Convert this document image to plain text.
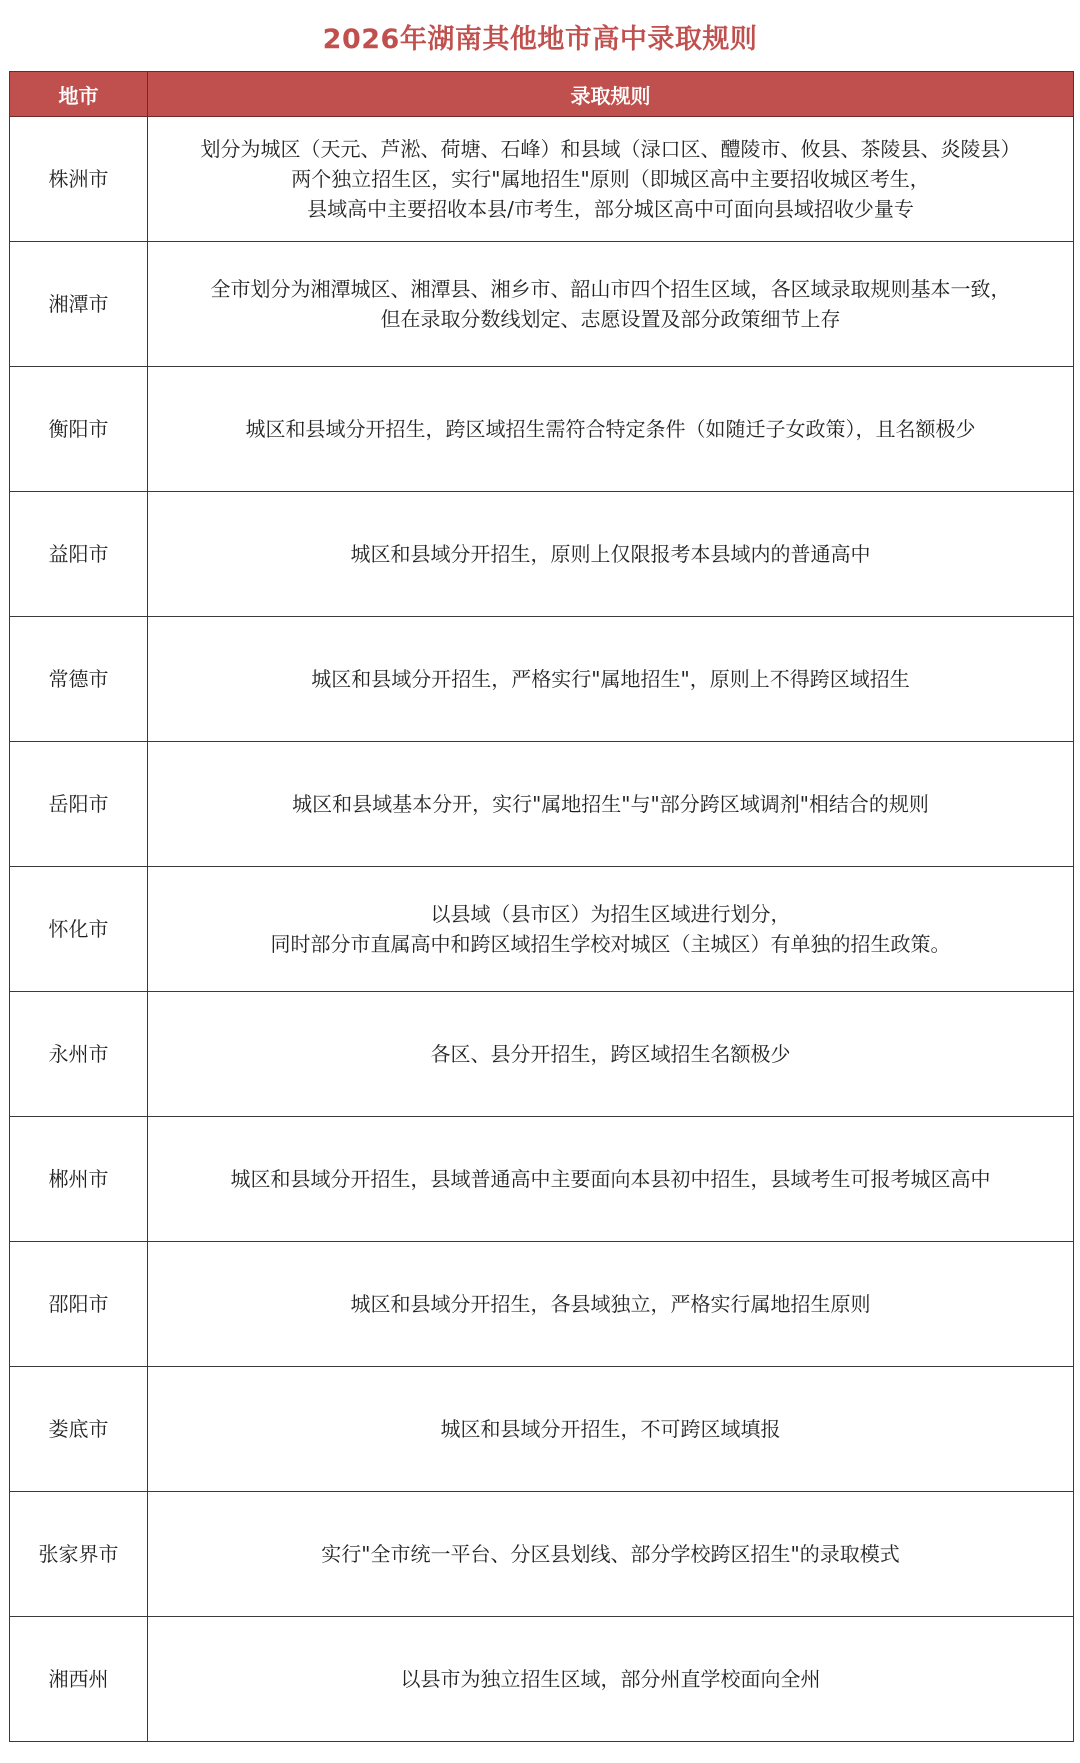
2026年湖南其他地市高中录取规则
地市	录取规则
株洲市	划分为城区（天元、芦淞、荷塘、石峰）和县域（渌口区、醴陵市、攸县、茶陵县、炎陵县）
两个独立招生区，实行"属地招生"原则（即城区高中主要招收城区考生，
县域高中主要招收本县/市考生，部分城区高中可面向县域招收少量专

湘潭市	全市划分为湘潭城区、湘潭县、湘乡市、韶山市四个招生区域，各区域录取规则基本一致，
但在录取分数线划定、志愿设置及部分政策细节上存

衡阳市	城区和县域分开招生，跨区域招生需符合特定条件（如随迁子女政策），且名额极少

益阳市	城区和县域分开招生，原则上仅限报考本县域内的普通高中

常德市	城区和县域分开招生，严格实行"属地招生"，原则上不得跨区域招生

岳阳市	城区和县域基本分开，实行"属地招生"与"部分跨区域调剂"相结合的规则

怀化市	以县域（县市区）为招生区域进行划分，
同时部分市直属高中和跨区域招生学校对城区（主城区）有单独的招生政策。

永州市	各区、县分开招生，跨区域招生名额极少

郴州市	城区和县域分开招生，县域普通高中主要面向本县初中招生，县域考生可报考城区高中

邵阳市	城区和县域分开招生，各县域独立，严格实行属地招生原则

娄底市	城区和县域分开招生，不可跨区域填报

张家界市	实行"全市统一平台、分区县划线、部分学校跨区招生"的录取模式

湘西州	以县市为独立招生区域，部分州直学校面向全州
